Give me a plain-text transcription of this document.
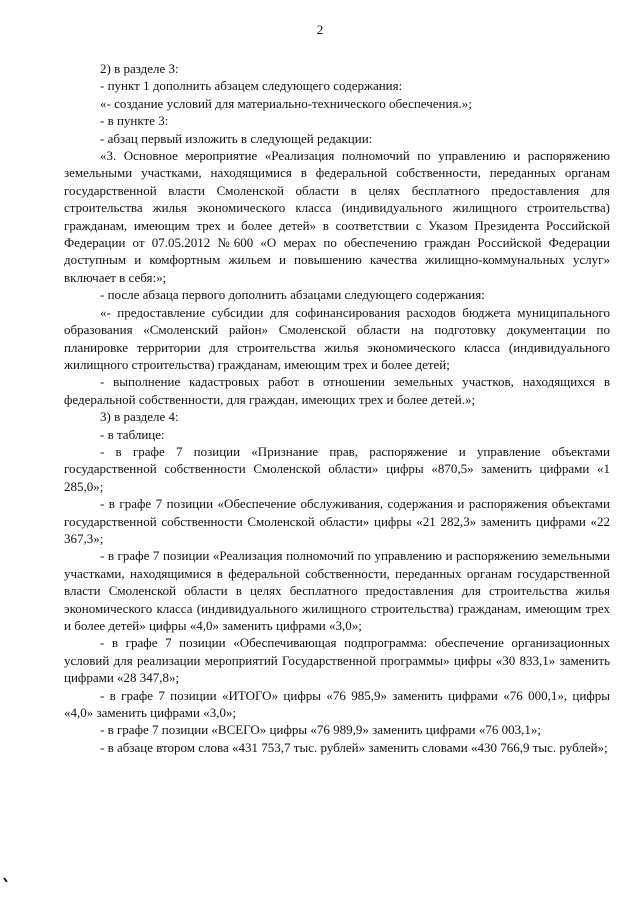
2

2) в разделе 3:

- пункт 1 дополнить абзацем следующего содержания:

«- создание условий для материально-технического обеспечения.»;

- в пункте 3:

- абзац первый изложить в следующей редакции:

«3. Основное мероприятие «Реализация полномочий по управлению и распоряжению земельными участками, находящимися в федеральной собственности, переданных органам государственной власти Смоленской области в целях бесплатного предоставления для строительства жилья экономического класса (индивидуального жилищного строительства) гражданам, имеющим трех и более детей» в соответствии с Указом Президента Российской Федерации от 07.05.2012 №600 «О мерах по обеспечению граждан Российской Федерации доступным и комфортным жильем и повышению качества жилищно-коммунальных услуг» включает в себя:»;

- после абзаца первого дополнить абзацами следующего содержания:

«- предоставление субсидии для софинансирования расходов бюджета муниципального образования «Смоленский район» Смоленской области на подготовку документации по планировке территории для строительства жилья экономического класса (индивидуального жилищного строительства) гражданам, имеющим трех и более детей;

- выполнение кадастровых работ в отношении земельных участков, находящихся в федеральной собственности, для граждан, имеющих трех и более детей.»;

3) в разделе 4:

- в таблице:

- в графе 7 позиции «Признание прав, распоряжение и управление объектами государственной собственности Смоленской области» цифры «870,5» заменить цифрами «1 285,0»;

- в графе 7 позиции «Обеспечение обслуживания, содержания и распоряжения объектами государственной собственности Смоленской области» цифры «21 282,3» заменить цифрами «22 367,3»;

- в графе 7 позиции «Реализация полномочий по управлению и распоряжению земельными участками, находящимися в федеральной собственности, переданных органам государственной власти Смоленской области в целях бесплатного предоставления для строительства жилья экономического класса (индивидуального жилищного строительства) гражданам, имеющим трех и более детей» цифры «4,0» заменить цифрами «3,0»;

- в графе 7 позиции «Обеспечивающая подпрограмма: обеспечение организационных условий для реализации мероприятий Государственной программы» цифры «30 833,1» заменить цифрами «28 347,8»;

- в графе 7 позиции «ИТОГО» цифры «76 985,9» заменить цифрами «76 000,1», цифры «4,0» заменить цифрами «3,0»;

- в графе 7 позиции «ВСЕГО» цифры «76 989,9» заменить цифрами «76 003,1»;

- в абзаце втором слова «431 753,7 тыс. рублей» заменить словами «430 766,9 тыс. рублей»;
